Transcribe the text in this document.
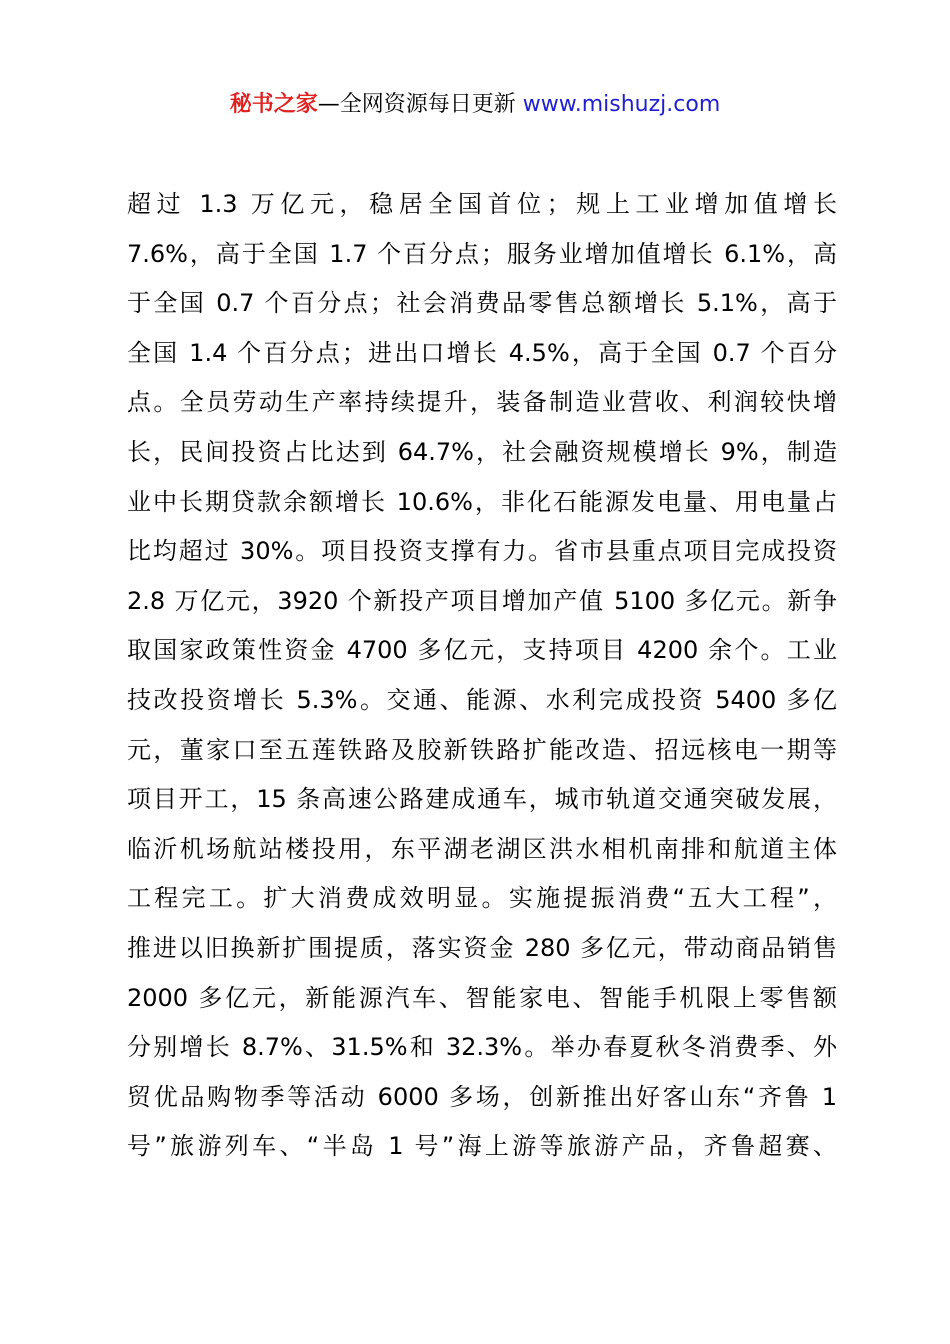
秘书之家—全网资源每日更新 www.mishuzj.com
超过 1.3 万亿元，稳居全国首位；规上工业增加值增长
7.6%，高于全国 1.7 个百分点；服务业增加值增长 6.1%，高
于全国 0.7 个百分点；社会消费品零售总额增长 5.1%，高于
全国 1.4 个百分点；进出口增长 4.5%，高于全国 0.7 个百分
点。全员劳动生产率持续提升，装备制造业营收、利润较快增
长，民间投资占比达到 64.7%，社会融资规模增长 9%，制造
业中长期贷款余额增长 10.6%，非化石能源发电量、用电量占
比均超过 30%。项目投资支撑有力。省市县重点项目完成投资
2.8 万亿元，3920 个新投产项目增加产值 5100 多亿元。新争
取国家政策性资金 4700 多亿元，支持项目 4200 余个。工业
技改投资增长 5.3%。交通、能源、水利完成投资 5400 多亿
元，董家口至五莲铁路及胶新铁路扩能改造、招远核电一期等
项目开工，15 条高速公路建成通车，城市轨道交通突破发展，
临沂机场航站楼投用，东平湖老湖区洪水相机南排和航道主体
工程完工。扩大消费成效明显。实施提振消费“五大工程”，
推进以旧换新扩围提质，落实资金 280 多亿元，带动商品销售
2000 多亿元，新能源汽车、智能家电、智能手机限上零售额
分别增长 8.7%、31.5%和 32.3%。举办春夏秋冬消费季、外
贸优品购物季等活动 6000 多场，创新推出好客山东“齐鲁 1
号”旅游列车、“半岛 1 号”海上游等旅游产品，齐鲁超赛、
